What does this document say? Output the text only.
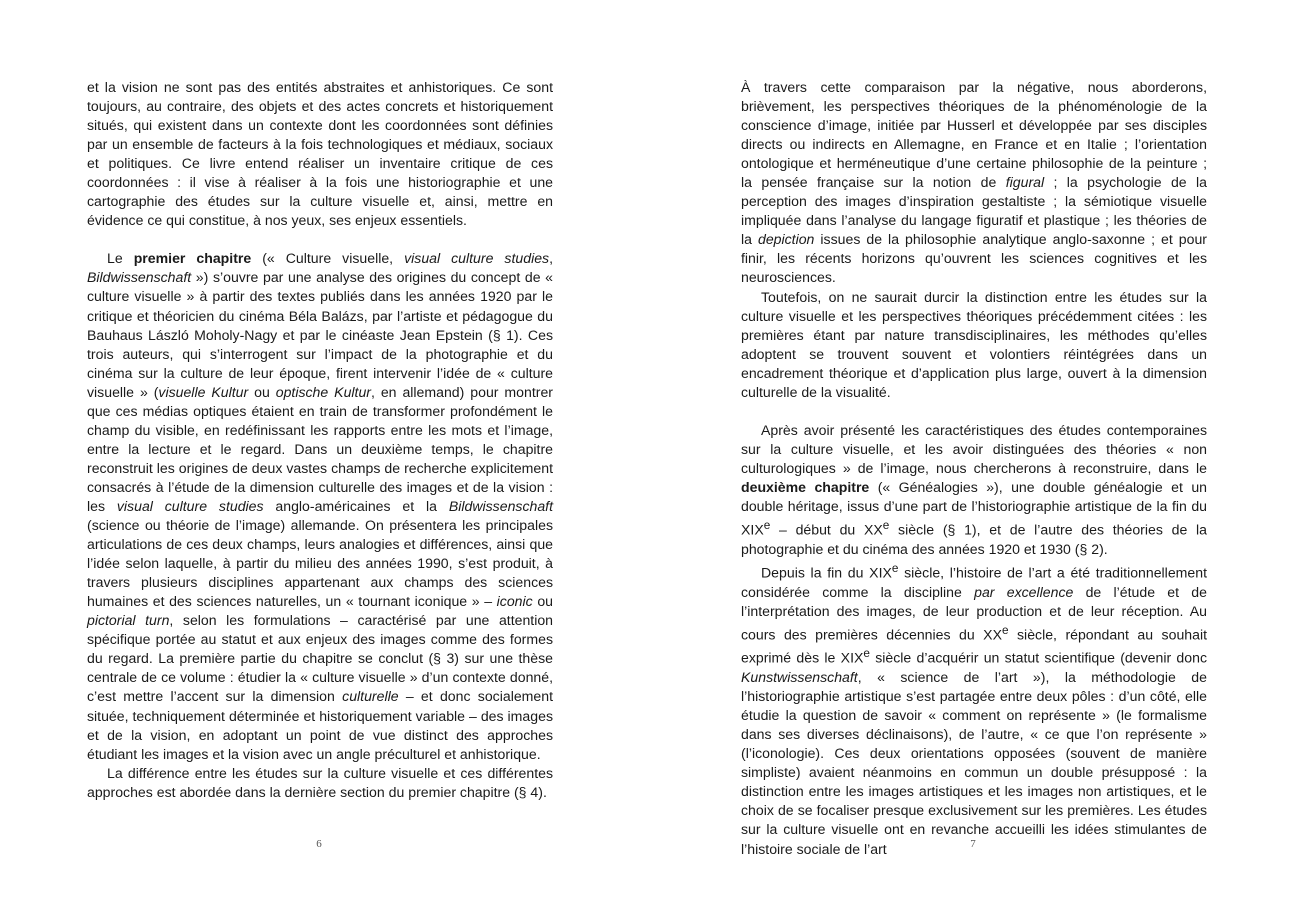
et la vision ne sont pas des entités abstraites et anhistoriques. Ce sont toujours, au contraire, des objets et des actes concrets et historiquement situés, qui existent dans un contexte dont les coordonnées sont définies par un ensemble de facteurs à la fois technologiques et médiaux, sociaux et politiques. Ce livre entend réaliser un inventaire critique de ces coordonnées : il vise à réaliser à la fois une historiographie et une cartographie des études sur la culture visuelle et, ainsi, mettre en évidence ce qui constitue, à nos yeux, ses enjeux essentiels.

Le premier chapitre (« Culture visuelle, visual culture studies, Bildwissenschaft ») s’ouvre par une analyse des origines du concept de « culture visuelle » à partir des textes publiés dans les années 1920 par le critique et théoricien du cinéma Béla Balázs, par l’artiste et pédagogue du Bauhaus László Moholy-Nagy et par le cinéaste Jean Epstein (§ 1). Ces trois auteurs, qui s’interrogent sur l’impact de la photographie et du cinéma sur la culture de leur époque, firent intervenir l’idée de « culture visuelle » (visuelle Kultur ou optische Kultur, en allemand) pour montrer que ces médias optiques étaient en train de transformer profondément le champ du visible, en redéfinissant les rapports entre les mots et l’image, entre la lecture et le regard. Dans un deuxième temps, le chapitre reconstruit les origines de deux vastes champs de recherche explicitement consacrés à l’étude de la dimension culturelle des images et de la vision : les visual culture studies anglo-américaines et la Bildwissenschaft (science ou théorie de l’image) allemande. On présentera les principales articulations de ces deux champs, leurs analogies et différences, ainsi que l’idée selon laquelle, à partir du milieu des années 1990, s’est produit, à travers plusieurs disciplines appartenant aux champs des sciences humaines et des sciences naturelles, un « tournant iconique » – iconic ou pictorial turn, selon les formulations – caractérisé par une attention spécifique portée au statut et aux enjeux des images comme des formes du regard. La première partie du chapitre se conclut (§ 3) sur une thèse centrale de ce volume : étudier la « culture visuelle » d’un contexte donné, c’est mettre l’accent sur la dimension culturelle – et donc socialement située, techniquement déterminée et historiquement variable – des images et de la vision, en adoptant un point de vue distinct des approches étudiant les images et la vision avec un angle préculturel et anhistorique.

La différence entre les études sur la culture visuelle et ces différentes approches est abordée dans la dernière section du premier chapitre (§ 4).

6

À travers cette comparaison par la négative, nous aborderons, brièvement, les perspectives théoriques de la phénoménologie de la conscience d’image, initiée par Husserl et développée par ses disciples directs ou indirects en Allemagne, en France et en Italie ; l’orientation ontologique et herméneutique d’une certaine philosophie de la peinture ; la pensée française sur la notion de figural ; la psychologie de la perception des images d’inspiration gestaltiste ; la sémiotique visuelle impliquée dans l’analyse du langage figuratif et plastique ; les théories de la depiction issues de la philosophie analytique anglo-saxonne ; et pour finir, les récents horizons qu’ouvrent les sciences cognitives et les neurosciences.

Toutefois, on ne saurait durcir la distinction entre les études sur la culture visuelle et les perspectives théoriques précédemment citées : les premières étant par nature transdisciplinaires, les méthodes qu’elles adoptent se trouvent souvent et volontiers réintégrées dans un encadrement théorique et d’application plus large, ouvert à la dimension culturelle de la visualité.

Après avoir présenté les caractéristiques des études contemporaines sur la culture visuelle, et les avoir distinguées des théories « non culturologiques » de l’image, nous chercherons à reconstruire, dans le deuxième chapitre (« Généalogies »), une double généalogie et un double héritage, issus d’une part de l’historiographie artistique de la fin du XIXe – début du XXe siècle (§ 1), et de l’autre des théories de la photographie et du cinéma des années 1920 et 1930 (§ 2).

Depuis la fin du XIXe siècle, l’histoire de l’art a été traditionnellement considérée comme la discipline par excellence de l’étude et de l’interprétation des images, de leur production et de leur réception. Au cours des premières décennies du XXe siècle, répondant au souhait exprimé dès le XIXe siècle d’acquérir un statut scientifique (devenir donc Kunstwissenschaft, « science de l’art »), la méthodologie de l’historiographie artistique s’est partagée entre deux pôles : d’un côté, elle étudie la question de savoir « comment on représente » (le formalisme dans ses diverses déclinaisons), de l’autre, « ce que l’on représente » (l’iconologie). Ces deux orientations opposées (souvent de manière simpliste) avaient néanmoins en commun un double présupposé : la distinction entre les images artistiques et les images non artistiques, et le choix de se focaliser presque exclusivement sur les premières. Les études sur la culture visuelle ont en revanche accueilli les idées stimulantes de l’histoire sociale de l’art	7
